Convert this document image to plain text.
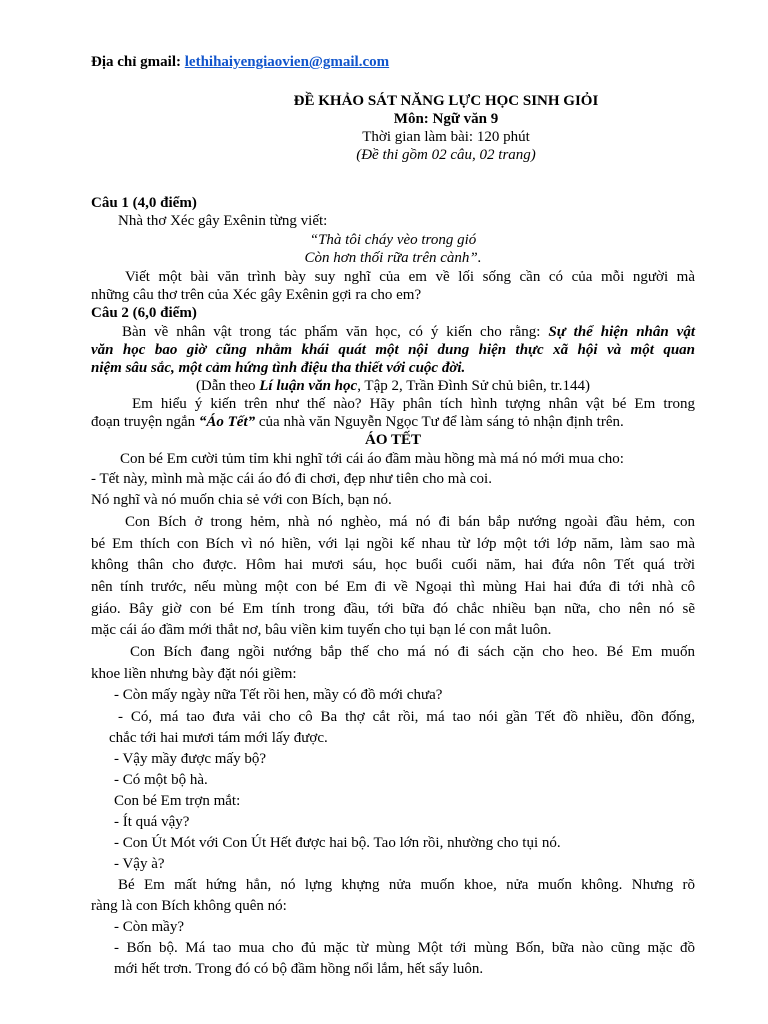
Địa chỉ gmail: lethihaiyengiaovien@gmail.com
ĐỀ KHẢO SÁT NĂNG LỰC HỌC SINH GIỎI
Môn: Ngữ văn 9
Thời gian làm bài: 120 phút
(Đề thi gồm 02 câu, 02 trang)
Câu 1 (4,0 điểm)
Nhà thơ Xéc gây Exênin từng viết:
“Thà tôi cháy vèo trong gió
Còn hơn thối rữa trên cành”.
Viết một bài văn trình bày suy nghĩ của em về lối sống cần có của mỗi người mà
những câu thơ trên của Xéc gây Exênin gợi ra cho em?
Câu 2 (6,0 điểm)
Bàn về nhân vật trong tác phẩm văn học, có ý kiến cho rằng: Sự thể hiện nhân vật
văn học bao giờ cũng nhằm khái quát một nội dung hiện thực xã hội và một quan
niệm sâu sắc, một cảm hứng tình điệu tha thiết với cuộc đời.
(Dẫn theo Lí luận văn học, Tập 2, Trần Đình Sử chủ biên, tr.144)
Em hiểu ý kiến trên như thế nào? Hãy phân tích hình tượng nhân vật bé Em trong
đoạn truyện ngắn “Áo Tết” của nhà văn Nguyễn Ngọc Tư để làm sáng tỏ nhận định trên.
ÁO TẾT
Con bé Em cười tủm tỉm khi nghĩ tới cái áo đầm màu hồng mà má nó mới mua cho:
- Tết này, mình mà mặc cái áo đó đi chơi, đẹp như tiên cho mà coi.
Nó nghĩ và nó muốn chia sẻ với con Bích, bạn nó.
Con Bích ở trong hẻm, nhà nó nghèo, má nó đi bán bắp nướng ngoài đầu hẻm, con
bé Em thích con Bích vì nó hiền, với lại ngồi kế nhau từ lớp một tới lớp năm, làm sao mà
không thân cho được. Hôm hai mươi sáu, học buổi cuối năm, hai đứa nôn Tết quá trời
nên tính trước, nếu mùng một con bé Em đi về Ngoại thì mùng Hai hai đứa đi tới nhà cô
giáo. Bây giờ con bé Em tính trong đầu, tới bữa đó chắc nhiều bạn nữa, cho nên nó sẽ
mặc cái áo đầm mới thắt nơ, bâu viền kim tuyến cho tụi bạn lé con mắt luôn.
Con Bích đang ngồi nướng bắp thế cho má nó đi sách cặn cho heo. Bé Em muốn
khoe liền nhưng bày đặt nói giềm:
- Còn mấy ngày nữa Tết rồi hen, mầy có đồ mới chưa?
- Có, má tao đưa vải cho cô Ba thợ cắt rồi, má tao nói gần Tết đồ nhiều, đồn đống,
chắc tới hai mươi tám mới lấy được.
- Vậy mầy được mấy bộ?
- Có một bộ hà.
Con bé Em trợn mắt:
- Ít quá vậy?
- Con Út Mót với Con Út Hết được hai bộ. Tao lớn rồi, nhường cho tụi nó.
- Vậy à?
Bé Em mất hứng hẳn, nó lựng khựng nửa muốn khoe, nửa muốn không. Nhưng rõ
ràng là con Bích không quên nó:
- Còn mầy?
- Bốn bộ. Má tao mua cho đủ mặc từ mùng Một tới mùng Bốn, bữa nào cũng mặc đồ
mới hết trơn. Trong đó có bộ đầm hồng nổi lắm, hết sẩy luôn.
